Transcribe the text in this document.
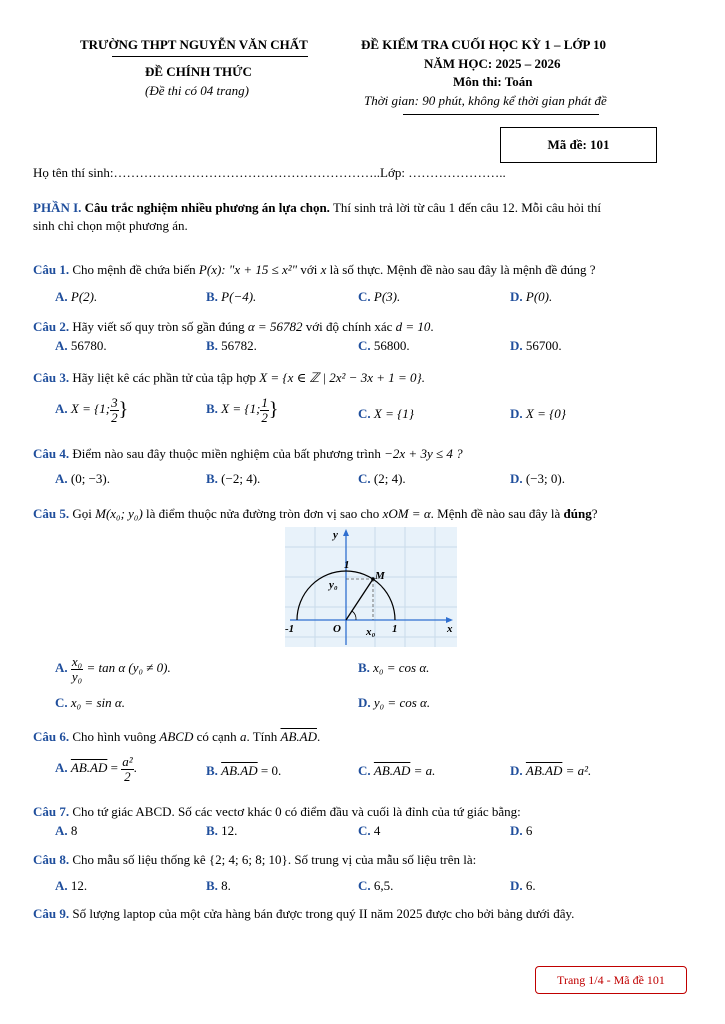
TRƯỜNG THPT NGUYỄN VĂN CHẤT
ĐỀ CHÍNH THỨC
(Đề thi có 04 trang)
ĐỀ KIỂM TRA CUỐI HỌC KỲ 1 – LỚP 10
NĂM HỌC: 2025 – 2026
Môn thi: Toán
Thời gian: 90 phút, không kể thời gian phát đề
Mã đề: 101
Họ tên thí sinh:……………………………………………………..Lớp: …………………..
PHẦN I. Câu trắc nghiệm nhiều phương án lựa chọn. Thí sinh trả lời từ câu 1 đến câu 12. Mỗi câu hỏi thí
sinh chỉ chọn một phương án.
Câu 1. Cho mệnh đề chứa biến P(x): "x + 15 ≤ x²" với x là số thực. Mệnh đề nào sau đây là mệnh đề đúng ?
A. P(2).	B. P(−4).	C. P(3).	D. P(0).
Câu 2. Hãy viết số quy tròn số gần đúng α = 56782 với độ chính xác d = 10.
A. 56780.	B. 56782.	C. 56800.	D. 56700.
Câu 3. Hãy liệt kê các phần tử của tập hợp X = {x ∈ ℤ | 2x² − 3x + 1 = 0}.
A. X = {1; $\frac{3}{2}$ }	B. X = {1; $\frac{1}{2}$ }	C. X = {1}	D. X = {0}
Câu 4. Điểm nào sau đây thuộc miền nghiệm của bất phương trình −2x + 3y ≤ 4 ?
A. (0; −3).	B. (−2; 4).	C. (2; 4).	D. (−3; 0).
Câu 5. Gọi M(x₀; y₀) là điểm thuộc nửa đường tròn đơn vị sao cho xOM = α. Mệnh đề nào sau đây là đúng?
y
x
1
M
y₀
-1	O x₀ 1
A. $\frac{\text{x₀}}{\text{y₀}} = \tan \alpha$ (y₀ ≠ 0).	B. x₀ = cos α.
C. x₀ = sin α.	D. y₀ = cos α.
Câu 6. Cho hình vuông ABCD có cạnh a. Tính AB.AD.
A. $AB.AD = \frac{\text{a²}}{2}$ .	B. AB.AD = 0.	C. AB.AD = a.	D. AB.AD = a².
Câu 7. Cho tứ giác ABCD. Số các vectơ khác 0 có điểm đầu và cuối là đỉnh của tứ giác bằng:
A. 8	B. 12.	C. 4	D. 6
Câu 8. Cho mẫu số liệu thống kê {2; 4; 6; 8; 10}. Số trung vị của mẫu số liệu trên là:
A. 12.	B. 8.	C. 6,5.	D. 6.
Câu 9. Số lượng laptop của một cửa hàng bán được trong quý II năm 2025 được cho bởi bảng dưới đây.
Trang 1/4 - Mã đề 101
